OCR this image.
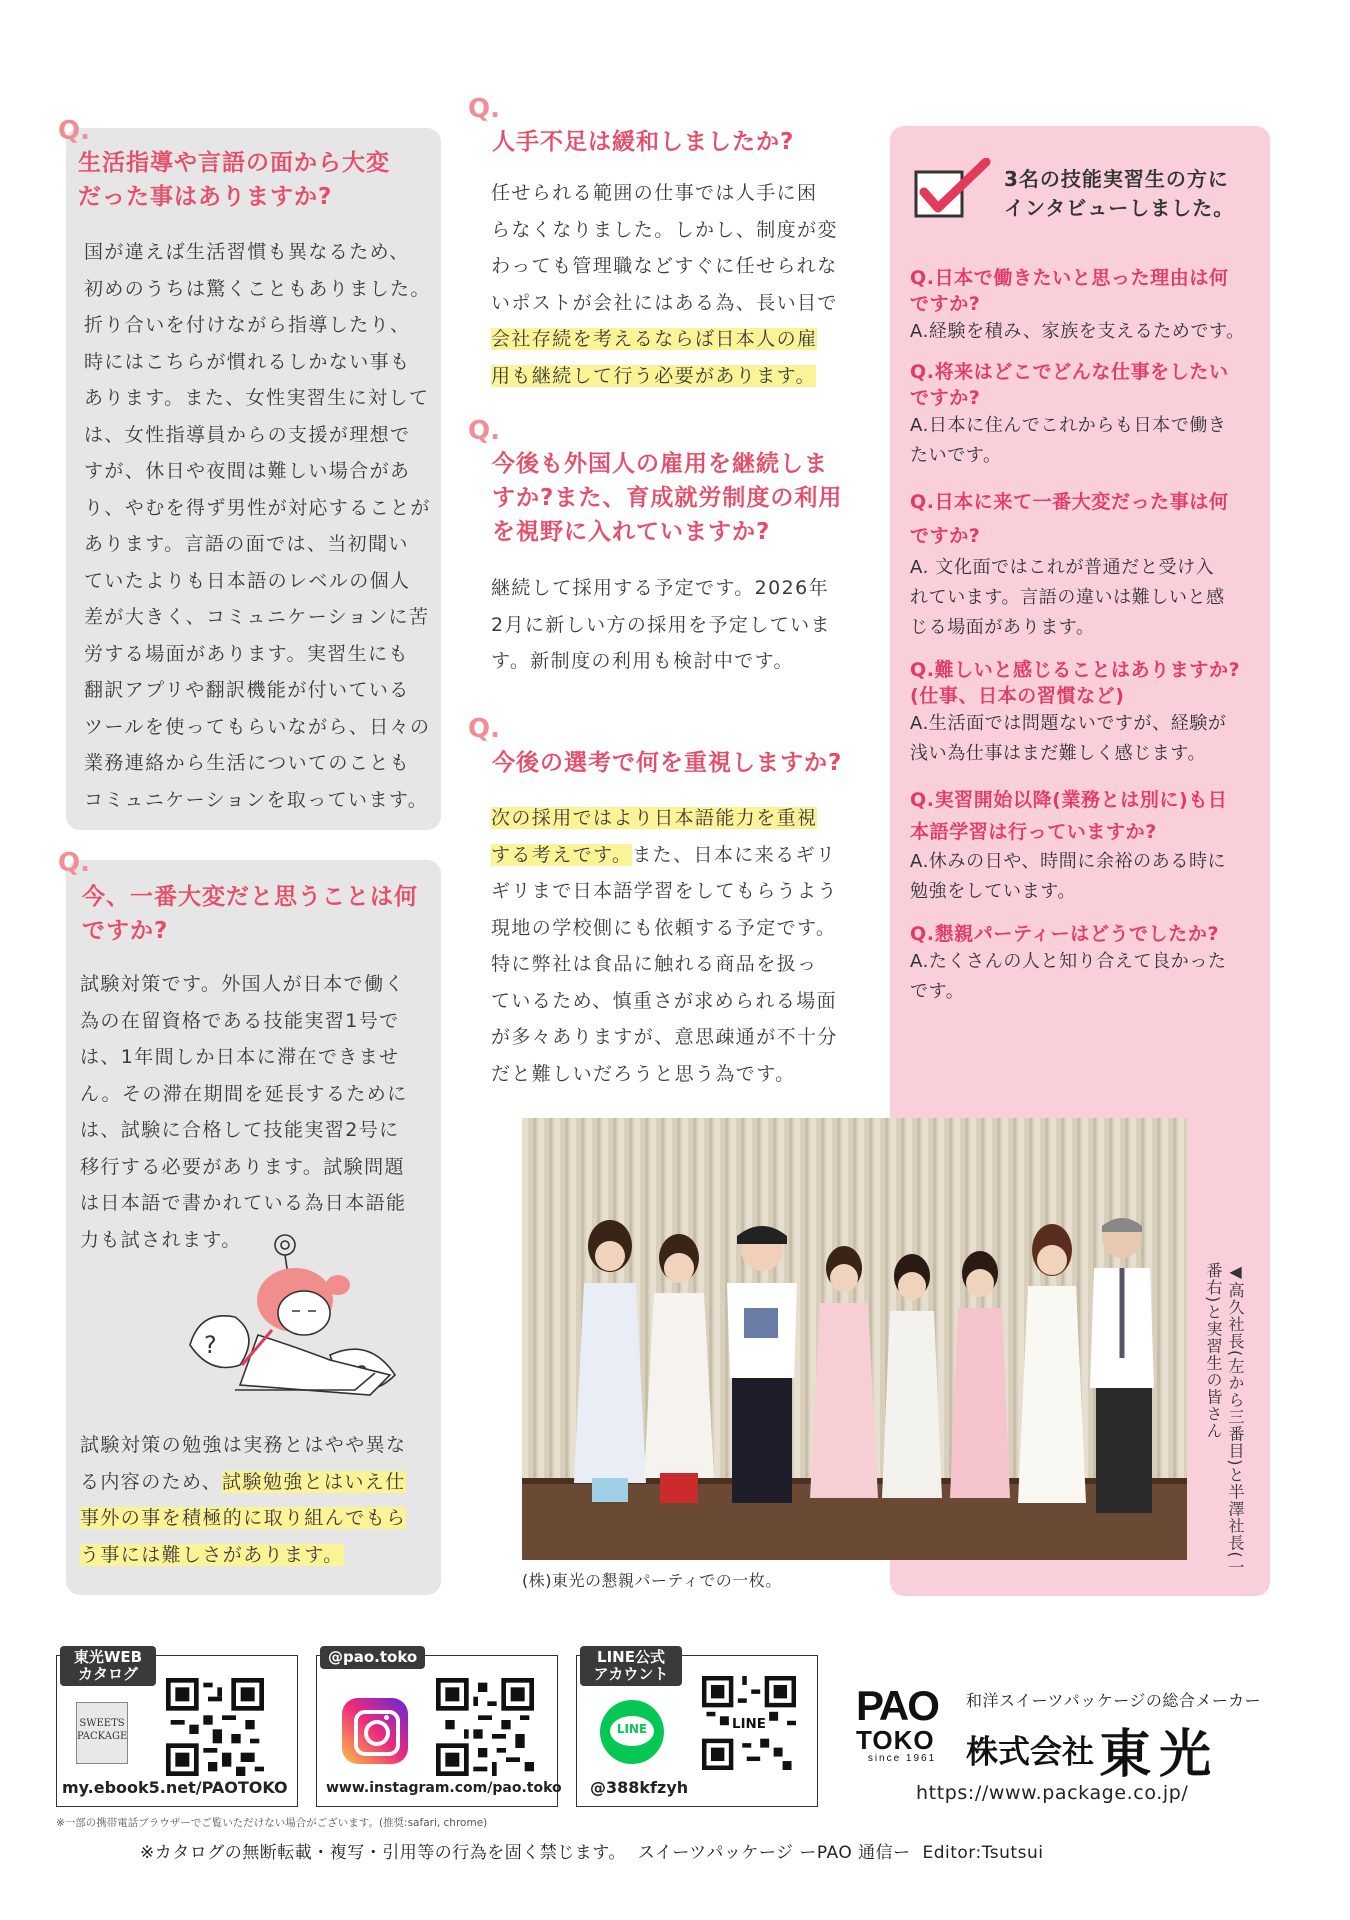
Q.
生活指導や言語の面から大変
だった事はありますか?
国が違えば生活習慣も異なるため、
初めのうちは驚くこともありました。
折り合いを付けながら指導したり、
時にはこちらが慣れるしかない事も
あります。また、女性実習生に対して
は、女性指導員からの支援が理想で
すが、休日や夜間は難しい場合があ
り、やむを得ず男性が対応することが
あります。言語の面では、当初聞い
ていたよりも日本語のレベルの個人
差が大きく、コミュニケーションに苦
労する場面があります。実習生にも
翻訳アプリや翻訳機能が付いている
ツールを使ってもらいながら、日々の
業務連絡から生活についてのことも
コミュニケーションを取っています。
Q.
今、一番大変だと思うことは何
ですか?
試験対策です。外国人が日本で働く
為の在留資格である技能実習1号で
は、1年間しか日本に滞在できませ
ん。その滞在期間を延長するために
は、試験に合格して技能実習2号に
移行する必要があります。試験問題
は日本語で書かれている為日本語能
力も試されます。
?
試験対策の勉強は実務とはやや異な
る内容のため、試験勉強とはいえ仕
事外の事を積極的に取り組んでもら
う事には難しさがあります。
Q.
人手不足は緩和しましたか?
任せられる範囲の仕事では人手に困
らなくなりました。しかし、制度が変
わっても管理職などすぐに任せられな
いポストが会社にはある為、長い目で
会社存続を考えるならば日本人の雇
用も継続して行う必要があります。
Q.
今後も外国人の雇用を継続しま
すか?また、育成就労制度の利用
を視野に入れていますか?
継続して採用する予定です。2026年
2月に新しい方の採用を予定していま
す。新制度の利用も検討中です。
Q.
今後の選考で何を重視しますか?
次の採用ではより日本語能力を重視
する考えです。また、日本に来るギリ
ギリまで日本語学習をしてもらうよう
現地の学校側にも依頼する予定です。
特に弊社は食品に触れる商品を扱っ
ているため、慎重さが求められる場面
が多々ありますが、意思疎通が不十分
だと難しいだろうと思う為です。
3名の技能実習生の方に
インタビューしました。
Q.日本で働きたいと思った理由は何
ですか?
A.経験を積み、家族を支えるためです。
Q.将来はどこでどんな仕事をしたい
ですか?
A.日本に住んでこれからも日本で働き
たいです。
Q.日本に来て一番大変だった事は何
ですか?
A. 文化面ではこれが普通だと受け入
れています。言語の違いは難しいと感
じる場面があります。
Q.難しいと感じることはありますか?
(仕事、日本の習慣など)
A.生活面では問題ないですが、経験が
浅い為仕事はまだ難しく感じます。
Q.実習開始以降(業務とは別に)も日
本語学習は行っていますか?
A.休みの日や、時間に余裕のある時に
勉強をしています。
Q.懇親パーティーはどうでしたか?
A.たくさんの人と知り合えて良かった
です。
(株)東光の懇親パーティでの一枚。
◀高久社長(左から三番目)と半澤社長(一番右)と実習生の皆さん
東光WEB
カタログ
SWEETS
PACKAGE
my.ebook5.net/PAOTOKO
@pao.toko
www.instagram.com/pao.toko
LINE公式
アカウント
LINE	LINE
@388kfzyh
和洋スイーツパッケージの総合メーカー
PAO
TOKO
since 1961 株式会社 東光
https://www.package.co.jp/
※一部の携帯電話ブラウザーでご覧いただけない場合がございます。(推奨:safari, chrome)
※カタログの無断転載・複写・引用等の行為を固く禁じます。  スイーツパッケージ ーPAO 通信ー  Editor:Tsutsui
